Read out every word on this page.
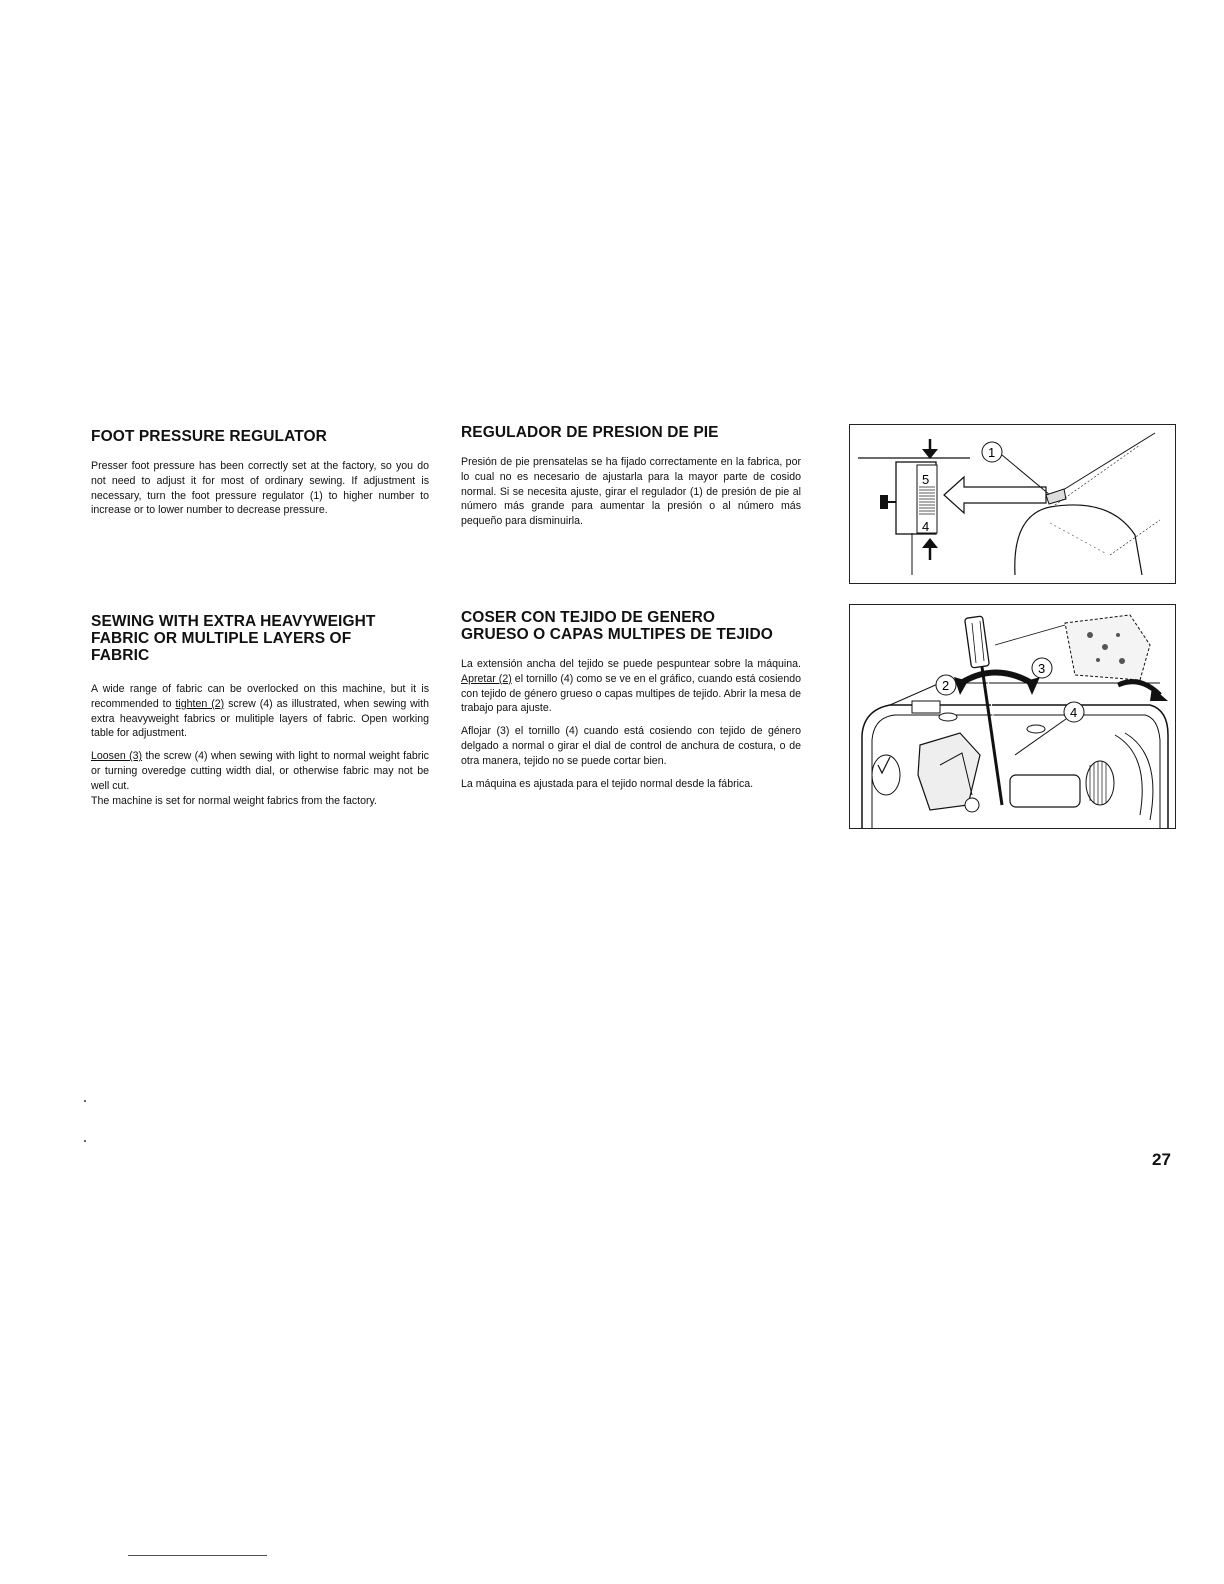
FOOT PRESSURE REGULATOR

Presser foot pressure has been correctly set at the factory, so you do not need to adjust it for most of ordinary sewing. If adjustment is necessary, turn the foot pressure regulator (1) to higher number to increase or to lower number to decrease pressure.

SEWING WITH EXTRA HEAVYWEIGHT
FABRIC OR MULTIPLE LAYERS OF
FABRIC

A wide range of fabric can be overlocked on this machine, but it is recommended to tighten (2) screw (4) as illustrated, when sewing with extra heavyweight fabrics or mulitiple layers of fabric. Open working table for adjustment.

Loosen (3) the screw (4) when sewing with light to normal weight fabric or turning overedge cutting width dial, or otherwise fabric may not be well cut.

The machine is set for normal weight fabrics from the factory.

REGULADOR DE PRESION DE PIE

Presión de pie prensatelas se ha fijado correctamente en la fabrica, por lo cual no es necesario de ajustarla para la mayor parte de cosido normal. Si se necesita ajuste, girar el regulador (1) de presión de pie al número más grande para aumentar la presión o al número más pequeño para disminuirla.

COSER CON TEJIDO DE GENERO
GRUESO O CAPAS MULTIPES DE TEJIDO

La extensión ancha del tejido se puede pespuntear sobre la máquina. Apretar (2) el tornillo (4) como se ve en el gráfico, cuando está cosiendo con tejido de género grueso o capas multipes de tejido. Abrir la mesa de trabajo para ajuste.

Aflojar (3) el tornillo (4) cuando está cosiendo con tejido de género delgado a normal o girar el dial de control de anchura de costura, o de otra manera, tejido no se puede cortar bien.

La máquina es ajustada para el tejido normal desde la fábrica.

5
4
1
2
3
4
27
